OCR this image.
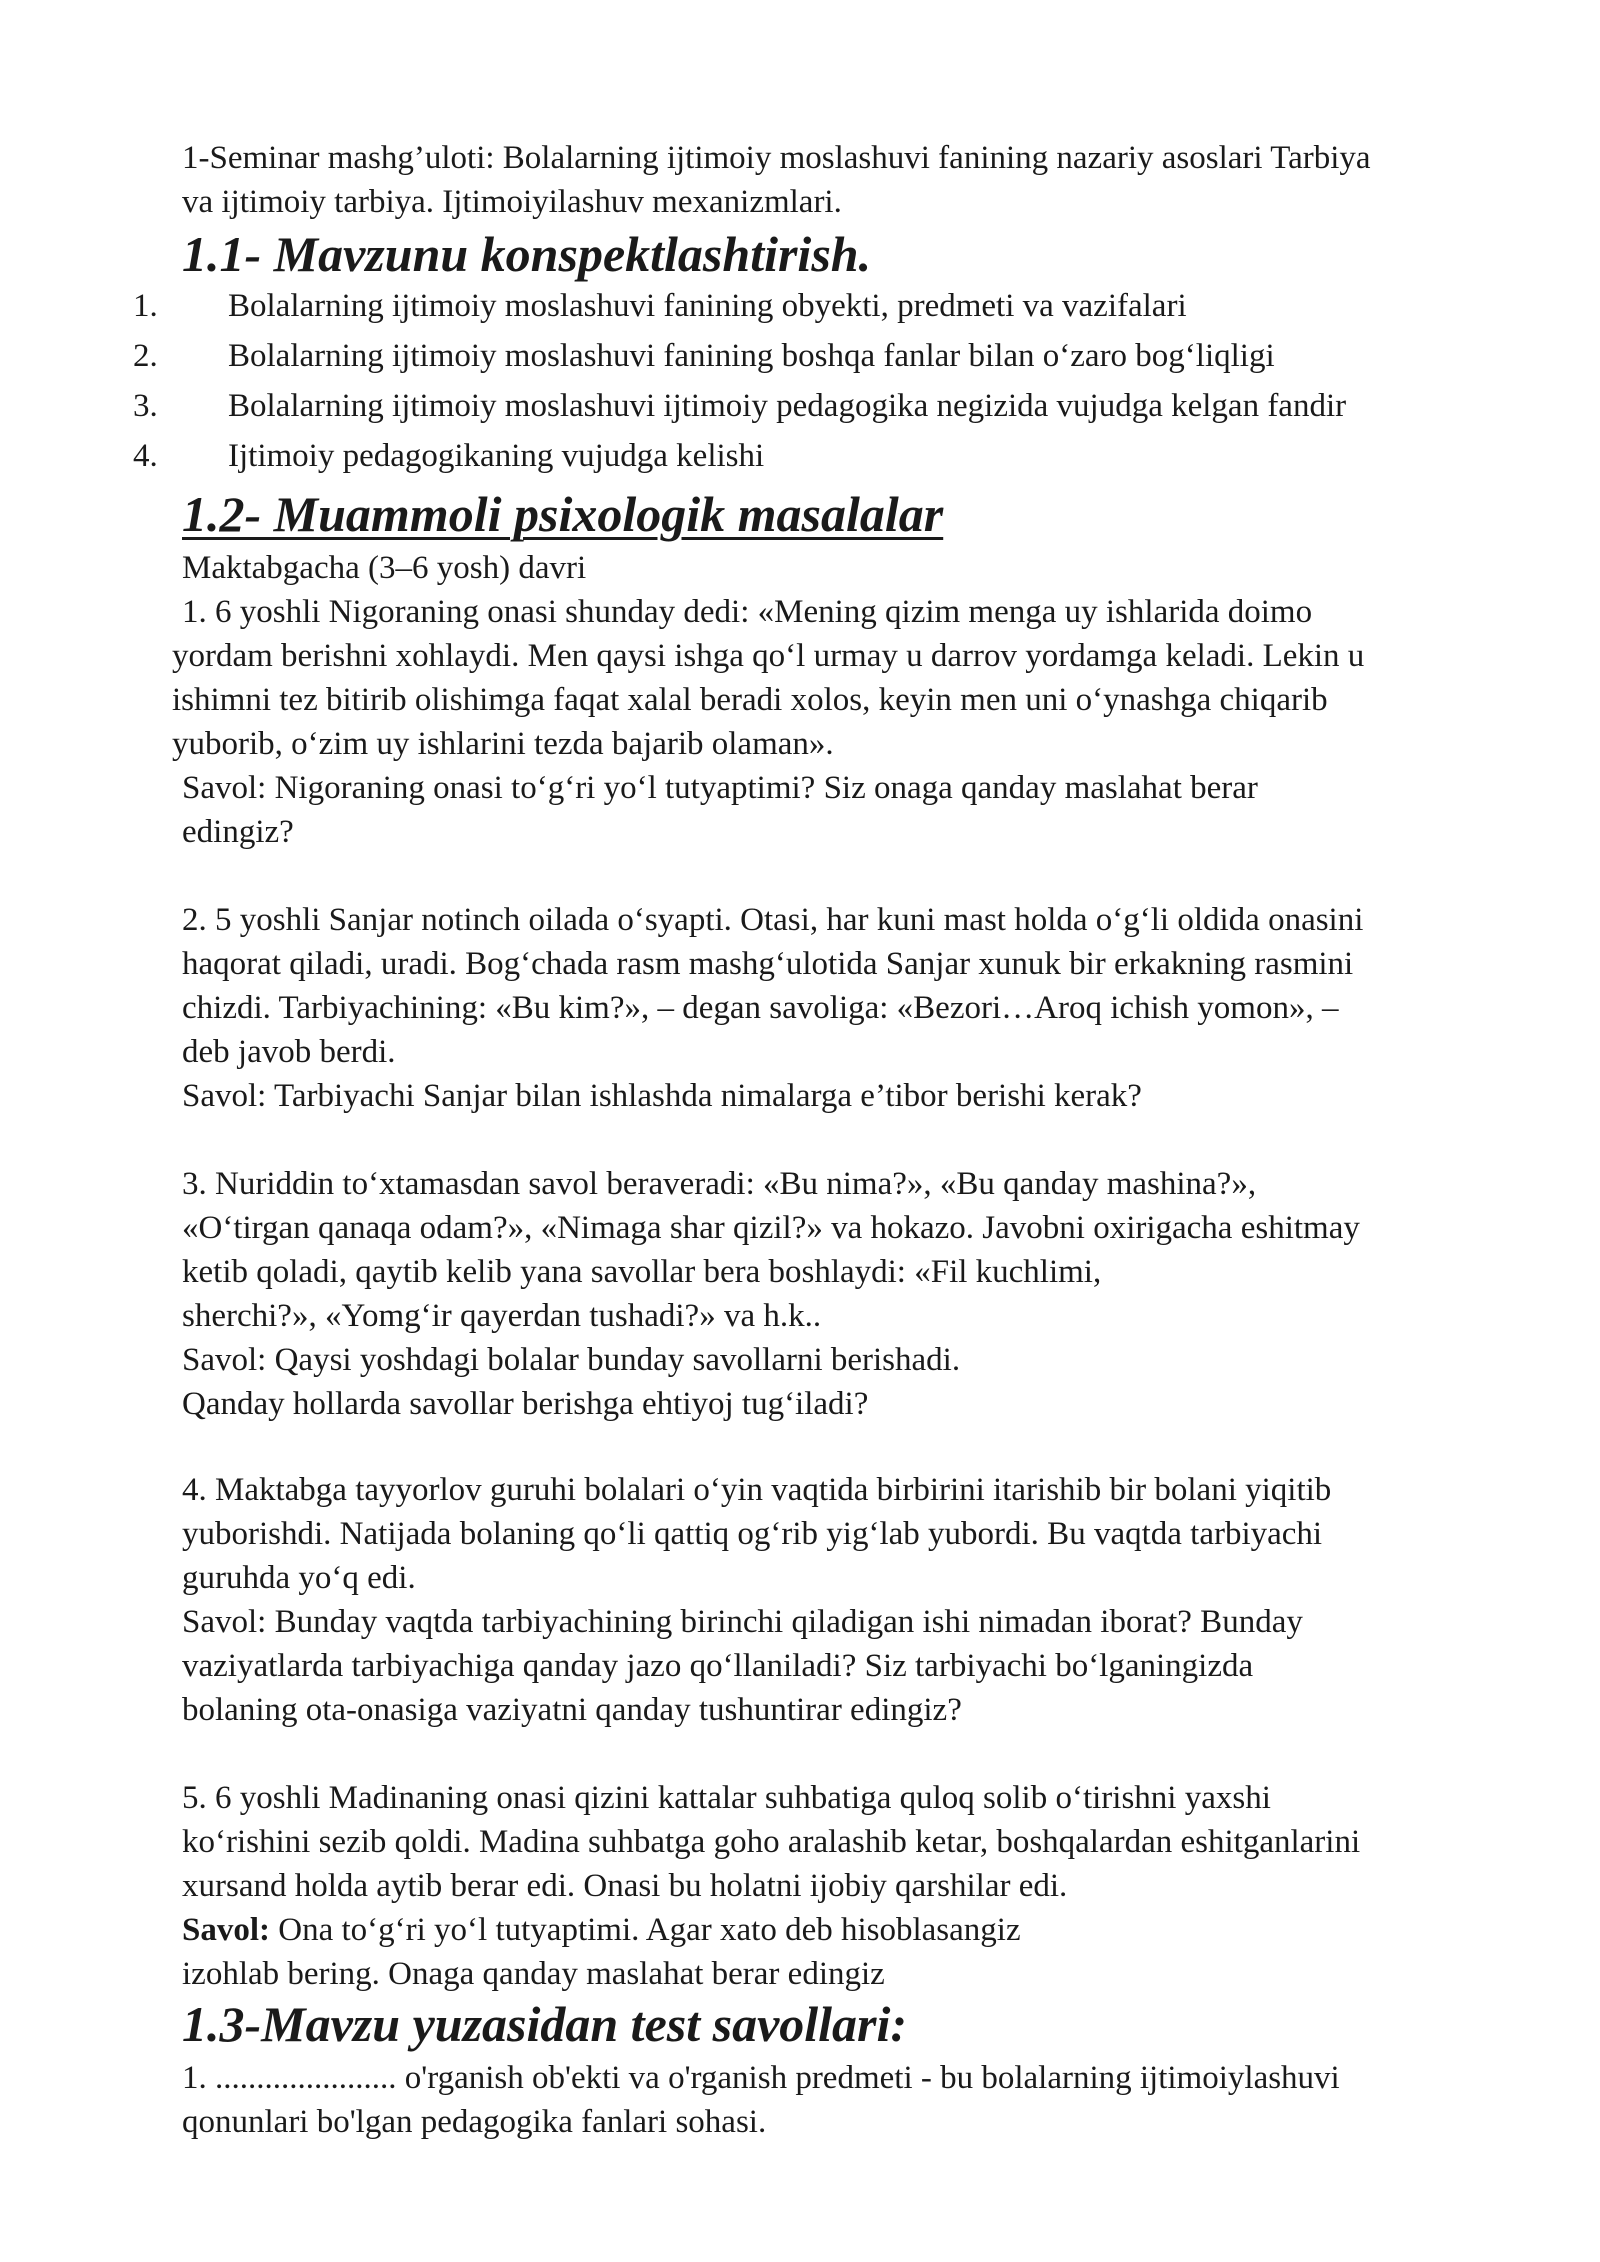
1-Seminar mashg’uloti: Bolalarning ijtimoiy moslashuvi fanining nazariy asoslari Tarbiya
va ijtimoiy tarbiya. Ijtimoiyilashuv mexanizmlari.
1.1- Mavzunu konspektlashtirish.
1. Bolalarning ijtimoiy moslashuvi fanining obyekti, predmeti va vazifalari
2. Bolalarning ijtimoiy moslashuvi fanining boshqa fanlar bilan o‘zaro bog‘liqligi
3. Bolalarning ijtimoiy moslashuvi ijtimoiy pedagogika negizida vujudga kelgan fandir
4. Ijtimoiy pedagogikaning vujudga kelishi
1.2- Muammoli psixologik masalalar
Maktabgacha (3–6 yosh) davri
1. 6 yoshli Nigoraning onasi shunday dedi: «Mening qizim menga uy ishlarida doimo
yordam berishni xohlaydi. Men qaysi ishga qo‘l urmay u darrov yordamga keladi. Lekin u
ishimni tez bitirib olishimga faqat xalal beradi xolos, keyin men uni o‘ynashga chiqarib
yuborib, o‘zim uy ishlarini tezda bajarib olaman».
Savol: Nigoraning onasi to‘g‘ri yo‘l tutyaptimi? Siz onaga qanday maslahat berar
edingiz?
2. 5 yoshli Sanjar notinch oilada o‘syapti. Otasi, har kuni mast holda o‘g‘li oldida onasini
haqorat qiladi, uradi. Bog‘chada rasm mashg‘ulotida Sanjar xunuk bir erkakning rasmini
chizdi. Tarbiyachining: «Bu kim?», – degan savoliga: «Bezori…Aroq ichish yomon», –
deb javob berdi.
Savol: Tarbiyachi Sanjar bilan ishlashda nimalarga e’tibor berishi kerak?
3. Nuriddin to‘xtamasdan savol beraveradi: «Bu nima?», «Bu qanday mashina?»,
«O‘tirgan qanaqa odam?», «Nimaga shar qizil?» va hokazo. Javobni oxirigacha eshitmay
ketib qoladi, qaytib kelib yana savollar bera boshlaydi: «Fil kuchlimi,
sherchi?», «Yomg‘ir qayerdan tushadi?» va h.k..
Savol: Qaysi yoshdagi bolalar bunday savollarni berishadi.
Qanday hollarda savollar berishga ehtiyoj tug‘iladi?
4. Maktabga tayyorlov guruhi bolalari o‘yin vaqtida birbirini itarishib bir bolani yiqitib
yuborishdi. Natijada bolaning qo‘li qattiq og‘rib yig‘lab yubordi. Bu vaqtda tarbiyachi
guruhda yo‘q edi.
Savol: Bunday vaqtda tarbiyachining birinchi qiladigan ishi nimadan iborat? Bunday
vaziyatlarda tarbiyachiga qanday jazo qo‘llaniladi? Siz tarbiyachi bo‘lganingizda
bolaning ota-onasiga vaziyatni qanday tushuntirar edingiz?
5. 6 yoshli Madinaning onasi qizini kattalar suhbatiga quloq solib o‘tirishni yaxshi
ko‘rishini sezib qoldi. Madina suhbatga goho aralashib ketar, boshqalardan eshitganlarini
xursand holda aytib berar edi. Onasi bu holatni ijobiy qarshilar edi.
Savol: Ona to‘g‘ri yo‘l tutyaptimi. Agar xato deb hisoblasangiz
izohlab bering. Onaga qanday maslahat berar edingiz
1.3-Mavzu yuzasidan test savollari:
1. ...................... o'rganish ob'ekti va o'rganish predmeti - bu bolalarning ijtimoiylashuvi
qonunlari bo'lgan pedagogika fanlari sohasi.
